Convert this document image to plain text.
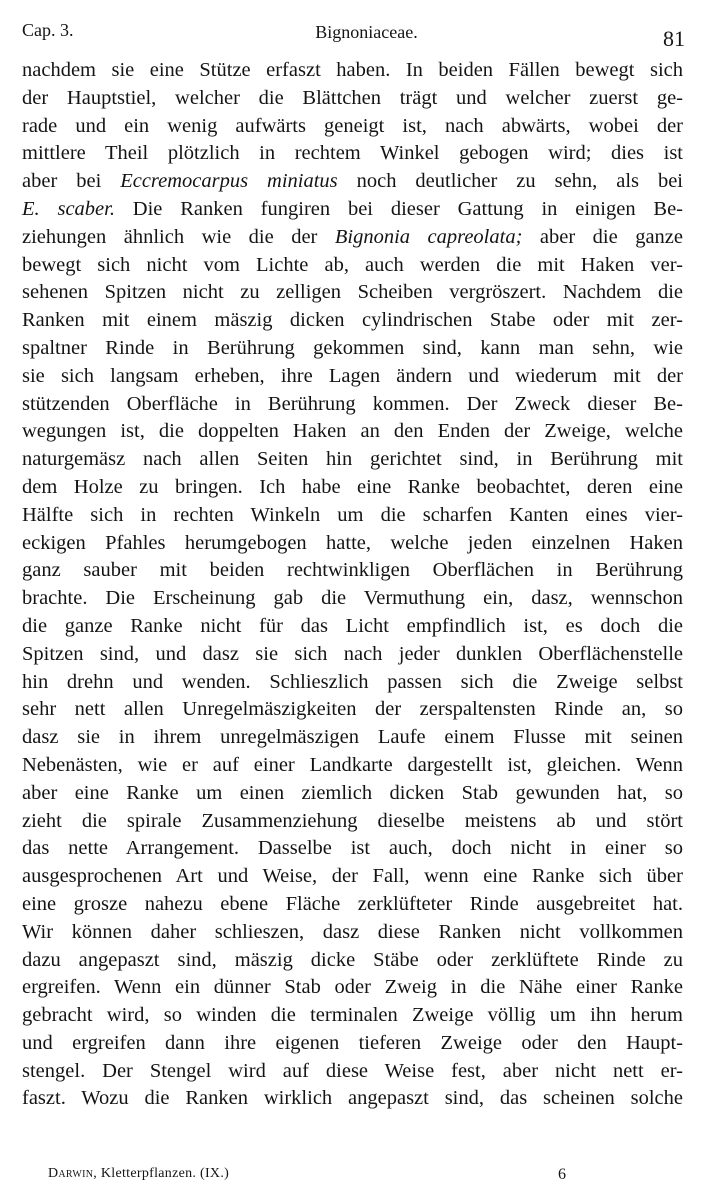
Cap. 3.	Bignoniaceae.	81
nachdem sie eine Stütze erfaszt haben. In beiden Fällen bewegt sich
der Hauptstiel, welcher die Blättchen trägt und welcher zuerst ge-
rade und ein wenig aufwärts geneigt ist, nach abwärts, wobei der
mittlere Theil plötzlich in rechtem Winkel gebogen wird; dies ist
aber bei Eccremocarpus miniatus noch deutlicher zu sehn, als bei
E. scaber. Die Ranken fungiren bei dieser Gattung in einigen Be-
ziehungen ähnlich wie die der Bignonia capreolata; aber die ganze
bewegt sich nicht vom Lichte ab, auch werden die mit Haken ver-
sehenen Spitzen nicht zu zelligen Scheiben vergröszert. Nachdem die
Ranken mit einem mäszig dicken cylindrischen Stabe oder mit zer-
spaltner Rinde in Berührung gekommen sind, kann man sehn, wie
sie sich langsam erheben, ihre Lagen ändern und wiederum mit der
stützenden Oberfläche in Berührung kommen. Der Zweck dieser Be-
wegungen ist, die doppelten Haken an den Enden der Zweige, welche
naturgemäsz nach allen Seiten hin gerichtet sind, in Berührung mit
dem Holze zu bringen. Ich habe eine Ranke beobachtet, deren eine
Hälfte sich in rechten Winkeln um die scharfen Kanten eines vier-
eckigen Pfahles herumgebogen hatte, welche jeden einzelnen Haken
ganz sauber mit beiden rechtwinkligen Oberflächen in Berührung
brachte. Die Erscheinung gab die Vermuthung ein, dasz, wennschon
die ganze Ranke nicht für das Licht empfindlich ist, es doch die
Spitzen sind, und dasz sie sich nach jeder dunklen Oberflächenstelle
hin drehn und wenden. Schlieszlich passen sich die Zweige selbst
sehr nett allen Unregelmäszigkeiten der zerspaltensten Rinde an, so
dasz sie in ihrem unregelmäszigen Laufe einem Flusse mit seinen
Nebenästen, wie er auf einer Landkarte dargestellt ist, gleichen. Wenn
aber eine Ranke um einen ziemlich dicken Stab gewunden hat, so
zieht die spirale Zusammenziehung dieselbe meistens ab und stört
das nette Arrangement. Dasselbe ist auch, doch nicht in einer so
ausgesprochenen Art und Weise, der Fall, wenn eine Ranke sich über
eine grosze nahezu ebene Fläche zerklüfteter Rinde ausgebreitet hat.
Wir können daher schlieszen, dasz diese Ranken nicht vollkommen
dazu angepaszt sind, mäszig dicke Stäbe oder zerklüftete Rinde zu
ergreifen. Wenn ein dünner Stab oder Zweig in die Nähe einer Ranke
gebracht wird, so winden die terminalen Zweige völlig um ihn herum
und ergreifen dann ihre eigenen tieferen Zweige oder den Haupt-
stengel. Der Stengel wird auf diese Weise fest, aber nicht nett er-
faszt. Wozu die Ranken wirklich angepaszt sind, das scheinen solche
Darwin, Kletterpflanzen. (IX.)	6
